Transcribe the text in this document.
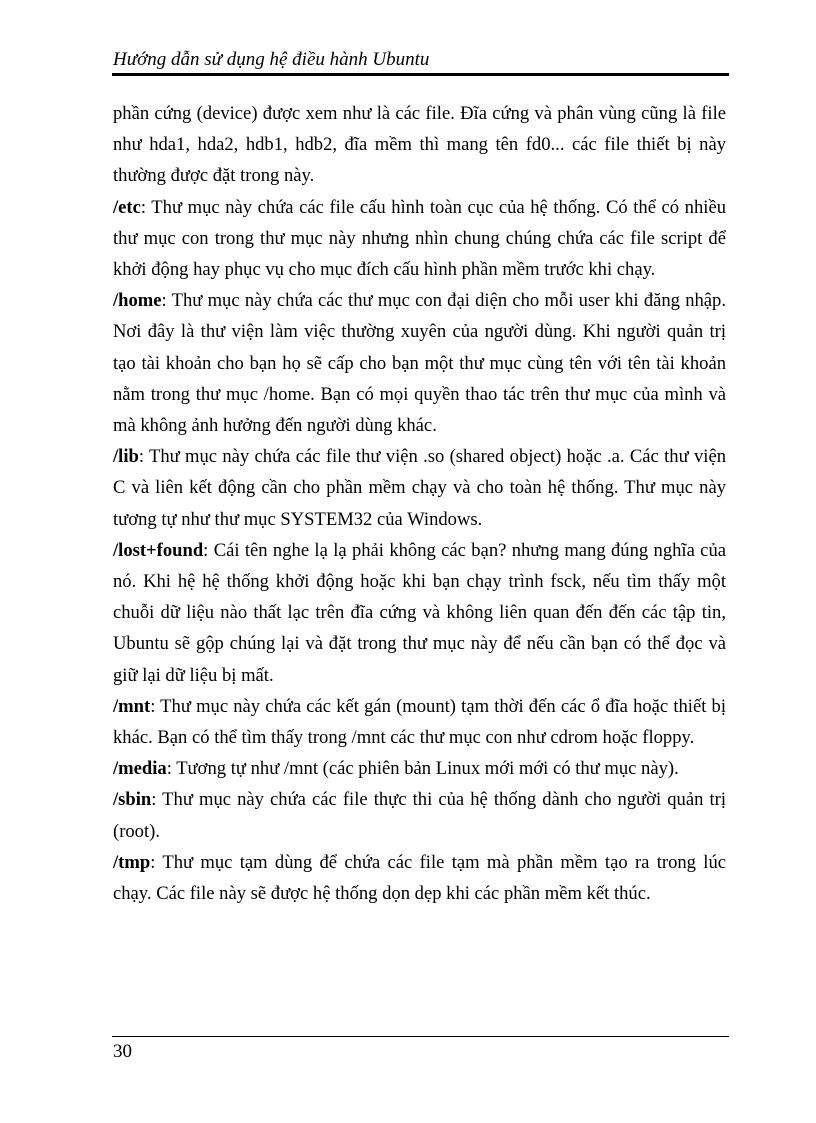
Hướng dẫn sử dụng hệ điều hành Ubuntu

phần cứng (device) được xem như là các file. Đĩa cứng và phân vùng cũng là file như hda1, hda2, hdb1, hdb2, đĩa mềm thì mang tên fd0... các file thiết bị này thường được đặt trong này.

/etc: Thư mục này chứa các file cấu hình toàn cục của hệ thống. Có thể có nhiều thư mục con trong thư mục này nhưng nhìn chung chúng chứa các file script để khởi động hay phục vụ cho mục đích cấu hình phần mềm trước khi chạy.

/home: Thư mục này chứa các thư mục con đại diện cho mỗi user khi đăng nhập. Nơi đây là thư viện làm việc thường xuyên của người dùng. Khi người quản trị tạo tài khoản cho bạn họ sẽ cấp cho bạn một thư mục cùng tên với tên tài khoản nằm trong thư mục /home. Bạn có mọi quyền thao tác trên thư mục của mình và mà không ảnh hưởng đến người dùng khác.

/lib: Thư mục này chứa các file thư viện .so (shared object) hoặc .a. Các thư viện C và liên kết động cần cho phần mềm chạy và cho toàn hệ thống. Thư mục này tương tự như thư mục SYSTEM32 của Windows.

/lost+found: Cái tên nghe lạ lạ phải không các bạn? nhưng mang đúng nghĩa của nó. Khi hệ hệ thống khởi động hoặc khi bạn chạy trình fsck, nếu tìm thấy một chuỗi dữ liệu nào thất lạc trên đĩa cứng và không liên quan đến đến các tập tin, Ubuntu sẽ gộp chúng lại và đặt trong thư mục này để nếu cần bạn có thể đọc và giữ lại dữ liệu bị mất.

/mnt: Thư mục này chứa các kết gán (mount) tạm thời đến các ổ đĩa hoặc thiết bị khác. Bạn có thể tìm thấy trong /mnt các thư mục con như cdrom hoặc floppy.

/media: Tương tự như /mnt (các phiên bản Linux mới mới có thư mục này).

/sbin: Thư mục này chứa các file thực thi của hệ thống dành cho người quản trị (root).

/tmp: Thư mục tạm dùng để chứa các file tạm mà phần mềm tạo ra trong lúc chạy. Các file này sẽ được hệ thống dọn dẹp khi các phần mềm kết thúc.

30
